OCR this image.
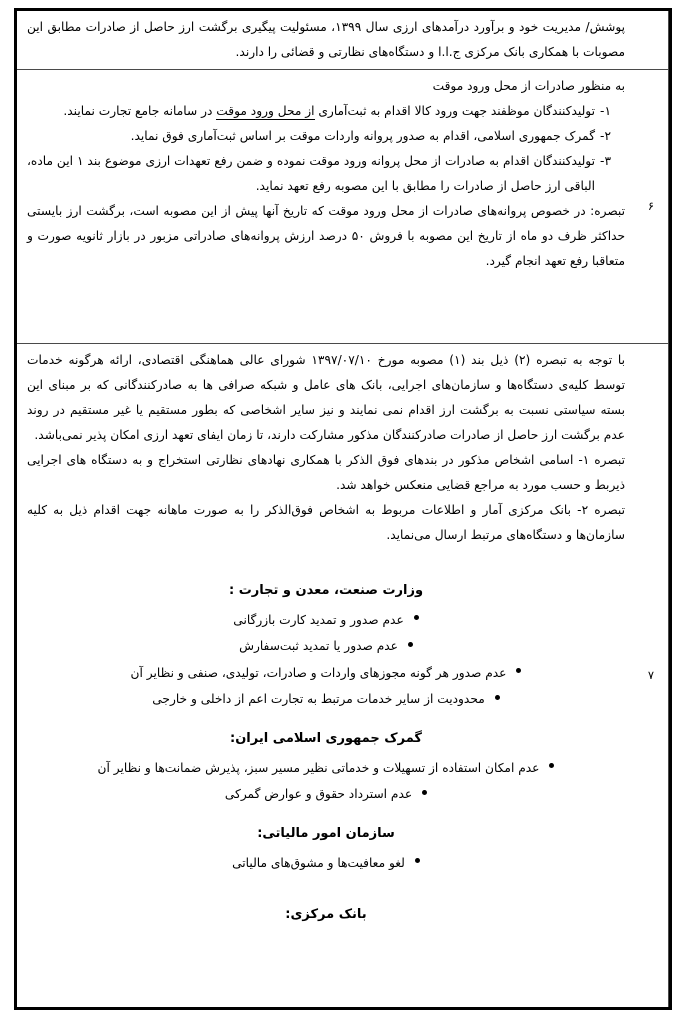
پوشش/ مدیریت خود و برآورد درآمدهای ارزی سال ۱۳۹۹، مسئولیت پیگیری برگشت ارز حاصل از صادرات مطابق این مصوبات با همکاری بانک مرکزی ج.ا.ا و دستگاه‌های نظارتی و قضائی را دارند.

۶

به منظور صادرات از محل ورود موقت

۱-
تولیدکنندگان موظفند جهت ورود کالا اقدام به ثبت‌آماری از محل ورود موقت در سامانه جامع تجارت نمایند.
۲-
گمرک جمهوری اسلامی، اقدام به صدور پروانه واردات موقت بر اساس ثبت‌آماری فوق نماید.
۳-
تولیدکنندگان اقدام به صادرات از محل پروانه ورود موقت نموده و ضمن رفع تعهدات ارزی موضوع بند ۱ این ماده، الباقی ارز حاصل از صادرات را مطابق با این مصوبه رفع تعهد نماید.

تبصره: در خصوص پروانه‌های صادرات از محل ورود موقت که تاریخ آنها پیش از این مصوبه است، برگشت ارز بایستی حداکثر ظرف دو ماه از تاریخ این مصوبه با فروش ۵۰ درصد ارزش پروانه‌های صادراتی مزبور در بازار ثانویه صورت و متعاقبا رفع تعهد انجام گیرد.

۷

با توجه به تبصره (۲) ذیل بند (۱) مصوبه مورخ ۱۳۹۷/۰۷/۱۰ شورای عالی هماهنگی اقتصادی، ارائه هرگونه خدمات توسط کلیه‌ی دستگاه‌ها و سازمان‌های اجرایی، بانک های عامل و شبکه صرافی ها به صادرکنندگانی که بر مبنای این بسته سیاستی نسبت به برگشت ارز اقدام نمی نمایند و نیز سایر اشخاصی که بطور مستقیم یا غیر مستقیم در روند عدم برگشت ارز حاصل از صادرات صادرکنندگان مذکور مشارکت دارند، تا زمان ایفای تعهد ارزی امکان پذیر نمی‌باشد.

تبصره ۱- اسامی اشخاص مذکور در بندهای فوق الذکر با همکاری نهادهای نظارتی استخراج و به دستگاه های اجرایی ذیربط و حسب مورد به مراجع قضایی منعکس خواهد شد.

تبصره ۲- بانک مرکزی آمار و اطلاعات مربوط به اشخاص فوق‌الذکر را به صورت ماهانه جهت اقدام ذیل به کلیه سازمان‌ها و دستگاه‌های مرتبط ارسال می‌نماید.

وزارت صنعت، معدن و تجارت :
عدم صدور و تمدید کارت بازرگانی
عدم صدور یا تمدید ثبت‌سفارش
عدم صدور هر گونه مجوزهای واردات و صادرات، تولیدی، صنفی و نظایر آن
محدودیت از سایر خدمات مرتبط به تجارت اعم از داخلی و خارجی
گمرک جمهوری اسلامی ایران:
عدم امکان استفاده از تسهیلات و خدماتی نظیر مسیر سبز، پذیرش ضمانت‌ها و نظایر آن
عدم استرداد حقوق و عوارض گمرکی
سازمان امور مالیاتی:
لغو معافیت‌ها و مشوق‌های مالیاتی
بانک مرکزی:
